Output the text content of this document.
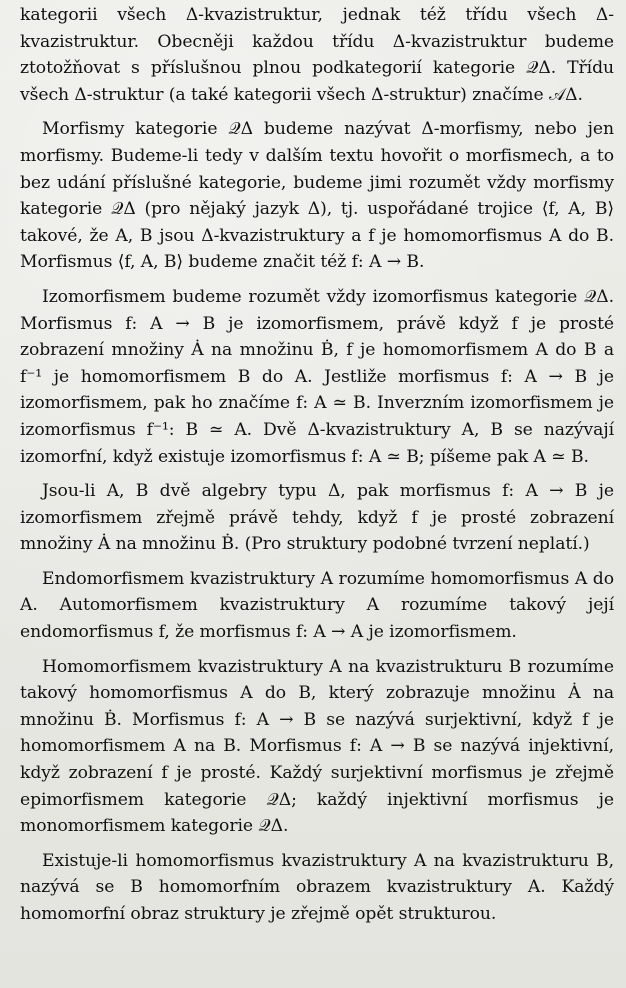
kategorii všech Δ-kvazistruktur, jednak též třídu všech Δ-kvazistruktur. Obecněji každou třídu Δ-kvazistruktur budeme ztotožňovat s příslušnou plnou podkategorií kategorie 𝒬Δ. Třídu všech Δ-struktur (a také kategorii všech Δ-struktur) značíme 𝒜Δ.

Morfismy kategorie 𝒬Δ budeme nazývat Δ-morfismy, nebo jen morfismy. Budeme-li tedy v dalším textu hovořit o morfismech, a to bez udání příslušné kategorie, budeme jimi rozumět vždy morfismy kategorie 𝒬Δ (pro nějaký jazyk Δ), tj. uspořádané trojice ⟨f, A, B⟩ takové, že A, B jsou Δ-kvazistruktury a f je homomorfismus A do B. Morfismus ⟨f, A, B⟩ budeme značit též f: A → B.

Izomorfismem budeme rozumět vždy izomorfismus kategorie 𝒬Δ. Morfismus f: A → B je izomorfismem, právě když f je prosté zobrazení množiny Ȧ na množinu Ḃ, f je homomorfismem A do B a f⁻¹ je homomorfismem B do A. Jestliže morfismus f: A → B je izomorfismem, pak ho značíme f: A ≃ B. Inverzním izomorfismem je izomorfismus f⁻¹: B ≃ A. Dvě Δ-kvazistruktury A, B se nazývají izomorfní, když existuje izomorfismus f: A ≃ B; píšeme pak A ≃ B.

Jsou-li A, B dvě algebry typu Δ, pak morfismus f: A → B je izomorfismem zřejmě právě tehdy, když f je prosté zobrazení množiny Ȧ na množinu Ḃ. (Pro struktury podobné tvrzení neplatí.)

Endomorfismem kvazistruktury A rozumíme homomorfismus A do A. Automorfismem kvazistruktury A rozumíme takový její endomorfismus f, že morfismus f: A → A je izomorfismem.

Homomorfismem kvazistruktury A na kvazistrukturu B rozumíme takový homomorfismus A do B, který zobrazuje množinu Ȧ na množinu Ḃ. Morfismus f: A → B se nazývá surjektivní, když f je homomorfismem A na B. Morfismus f: A → B se nazývá injektivní, když zobrazení f je prosté. Každý surjektivní morfismus je zřejmě epimorfismem kategorie 𝒬Δ; každý injektivní morfismus je monomorfismem kategorie 𝒬Δ.

Existuje-li homomorfismus kvazistruktury A na kvazistrukturu B, nazývá se B homomorfním obrazem kvazistruktury A. Každý homomorfní obraz struktury je zřejmě opět strukturou.
